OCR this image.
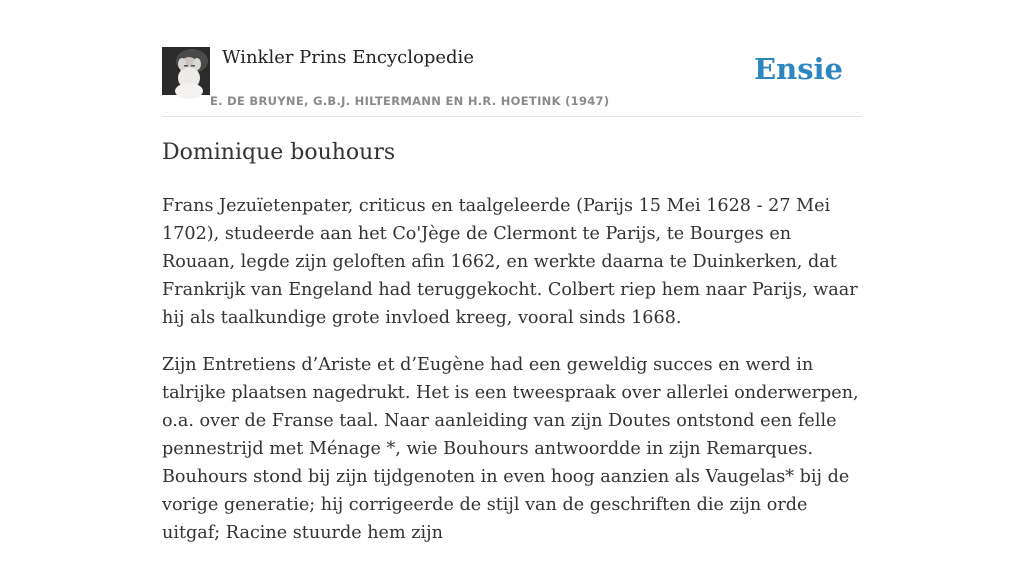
Winkler Prins Encyclopedie
E. DE BRUYNE, G.B.J. HILTERMANN EN H.R. HOETINK (1947)
Ensie
Dominique bouhours

Frans Jezuïetenpater, criticus en taalgeleerde (Parijs 15 Mei 1628 - 27 Mei 1702), studeerde aan het Co'Jège de Clermont te Parijs, te Bourges en Rouaan, legde zijn geloften afin 1662, en werkte daarna te Duinkerken, dat Frankrijk van Engeland had teruggekocht. Colbert riep hem naar Parijs, waar hij als taalkundige grote invloed kreeg, vooral sinds 1668.

Zijn Entretiens d’Ariste et d’Eugène had een geweldig succes en werd in talrijke plaatsen nagedrukt. Het is een tweespraak over allerlei onderwerpen, o.a. over de Franse taal. Naar aanleiding van zijn Doutes ontstond een felle pennestrijd met Ménage *, wie Bouhours antwoordde in zijn Remarques. Bouhours stond bij zijn tijdgenoten in even hoog aanzien als Vaugelas* bij de vorige generatie; hij corrigeerde de stijl van de geschriften die zijn orde uitgaf; Racine stuurde hem zijn
